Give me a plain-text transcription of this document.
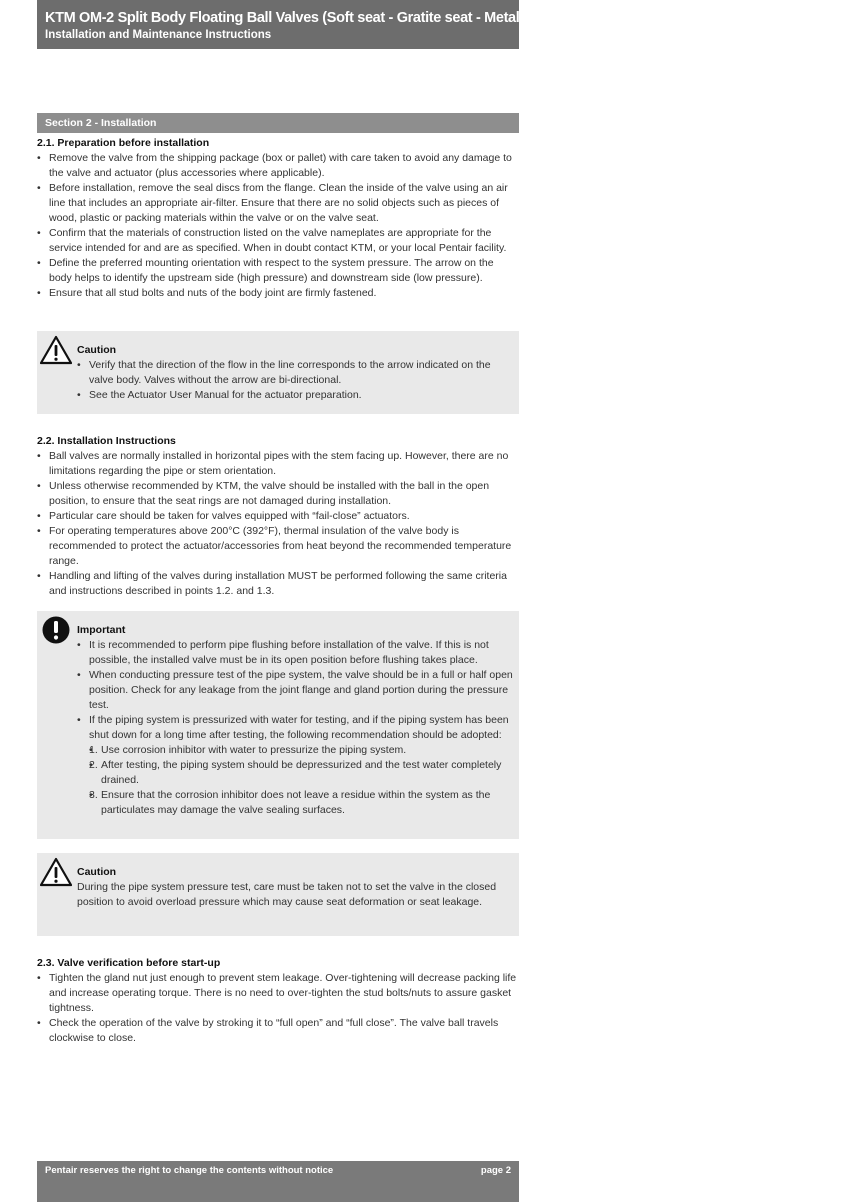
KTM OM-2 Split Body Floating Ball Valves (Soft seat - Gratite seat - Metal seat)
Installation and Maintenance Instructions
Section 2 - Installation
2.1. Preparation before installation
• Remove the valve from the shipping package (box or pallet) with care taken to avoid any damage to the valve and actuator (plus accessories where applicable).
• Before installation, remove the seal discs from the flange. Clean the inside of the valve using an air line that includes an appropriate air-filter. Ensure that there are no solid objects such as pieces of wood, plastic or packing materials within the valve or on the valve seat.
• Confirm that the materials of construction listed on the valve nameplates are appropriate for the service intended for and are as specified. When in doubt contact KTM, or your local Pentair facility.
• Define the preferred mounting orientation with respect to the system pressure. The arrow on the body helps to identify the upstream side (high pressure) and downstream side (low pressure).
• Ensure that all stud bolts and nuts of the body joint are firmly fastened.
Caution
• Verify that the direction of the flow in the line corresponds to the arrow indicated on the valve body. Valves without the arrow are bi-directional.
• See the Actuator User Manual for the actuator preparation.
2.2. Installation Instructions
• Ball valves are normally installed in horizontal pipes with the stem facing up. However, there are no limitations regarding the pipe or stem orientation.
• Unless otherwise recommended by KTM, the valve should be installed with the ball in the open position, to ensure that the seat rings are not damaged during installation.
• Particular care should be taken for valves equipped with “fail-close” actuators.
• For operating temperatures above 200°C (392°F), thermal insulation of the valve body is recommended to protect the actuator/accessories from heat beyond the recommended temperature range.
• Handling and lifting of the valves during installation MUST be performed following the same criteria and instructions described in points 1.2. and 1.3.
Important
• It is recommended to perform pipe flushing before installation of the valve. If this is not possible, the installed valve must be in its open position before flushing takes place.
• When conducting pressure test of the pipe system, the valve should be in a full or half open position. Check for any leakage from the joint flange and gland portion during the pressure test.
• If the piping system is pressurized with water for testing, and if the piping system has been shut down for a long time after testing, the following recommendation should be adopted:
• 1. Use corrosion inhibitor with water to pressurize the piping system.
• 2. After testing, the piping system should be depressurized and the test water completely drained.
• 3. Ensure that the corrosion inhibitor does not leave a residue within the system as the particulates may damage the valve sealing surfaces.
Caution
During the pipe system pressure test, care must be taken not to set the valve in the closed position to avoid overload pressure which may cause seat deformation or seat leakage.
2.3. Valve verification before start-up
• Tighten the gland nut just enough to prevent stem leakage. Over-tightening will decrease packing life and increase operating torque. There is no need to over-tighten the stud bolts/nuts to assure gasket tightness.
• Check the operation of the valve by stroking it to “full open” and “full close”. The valve ball travels clockwise to close.
Pentair reserves the right to change the contents without notice	page 2
